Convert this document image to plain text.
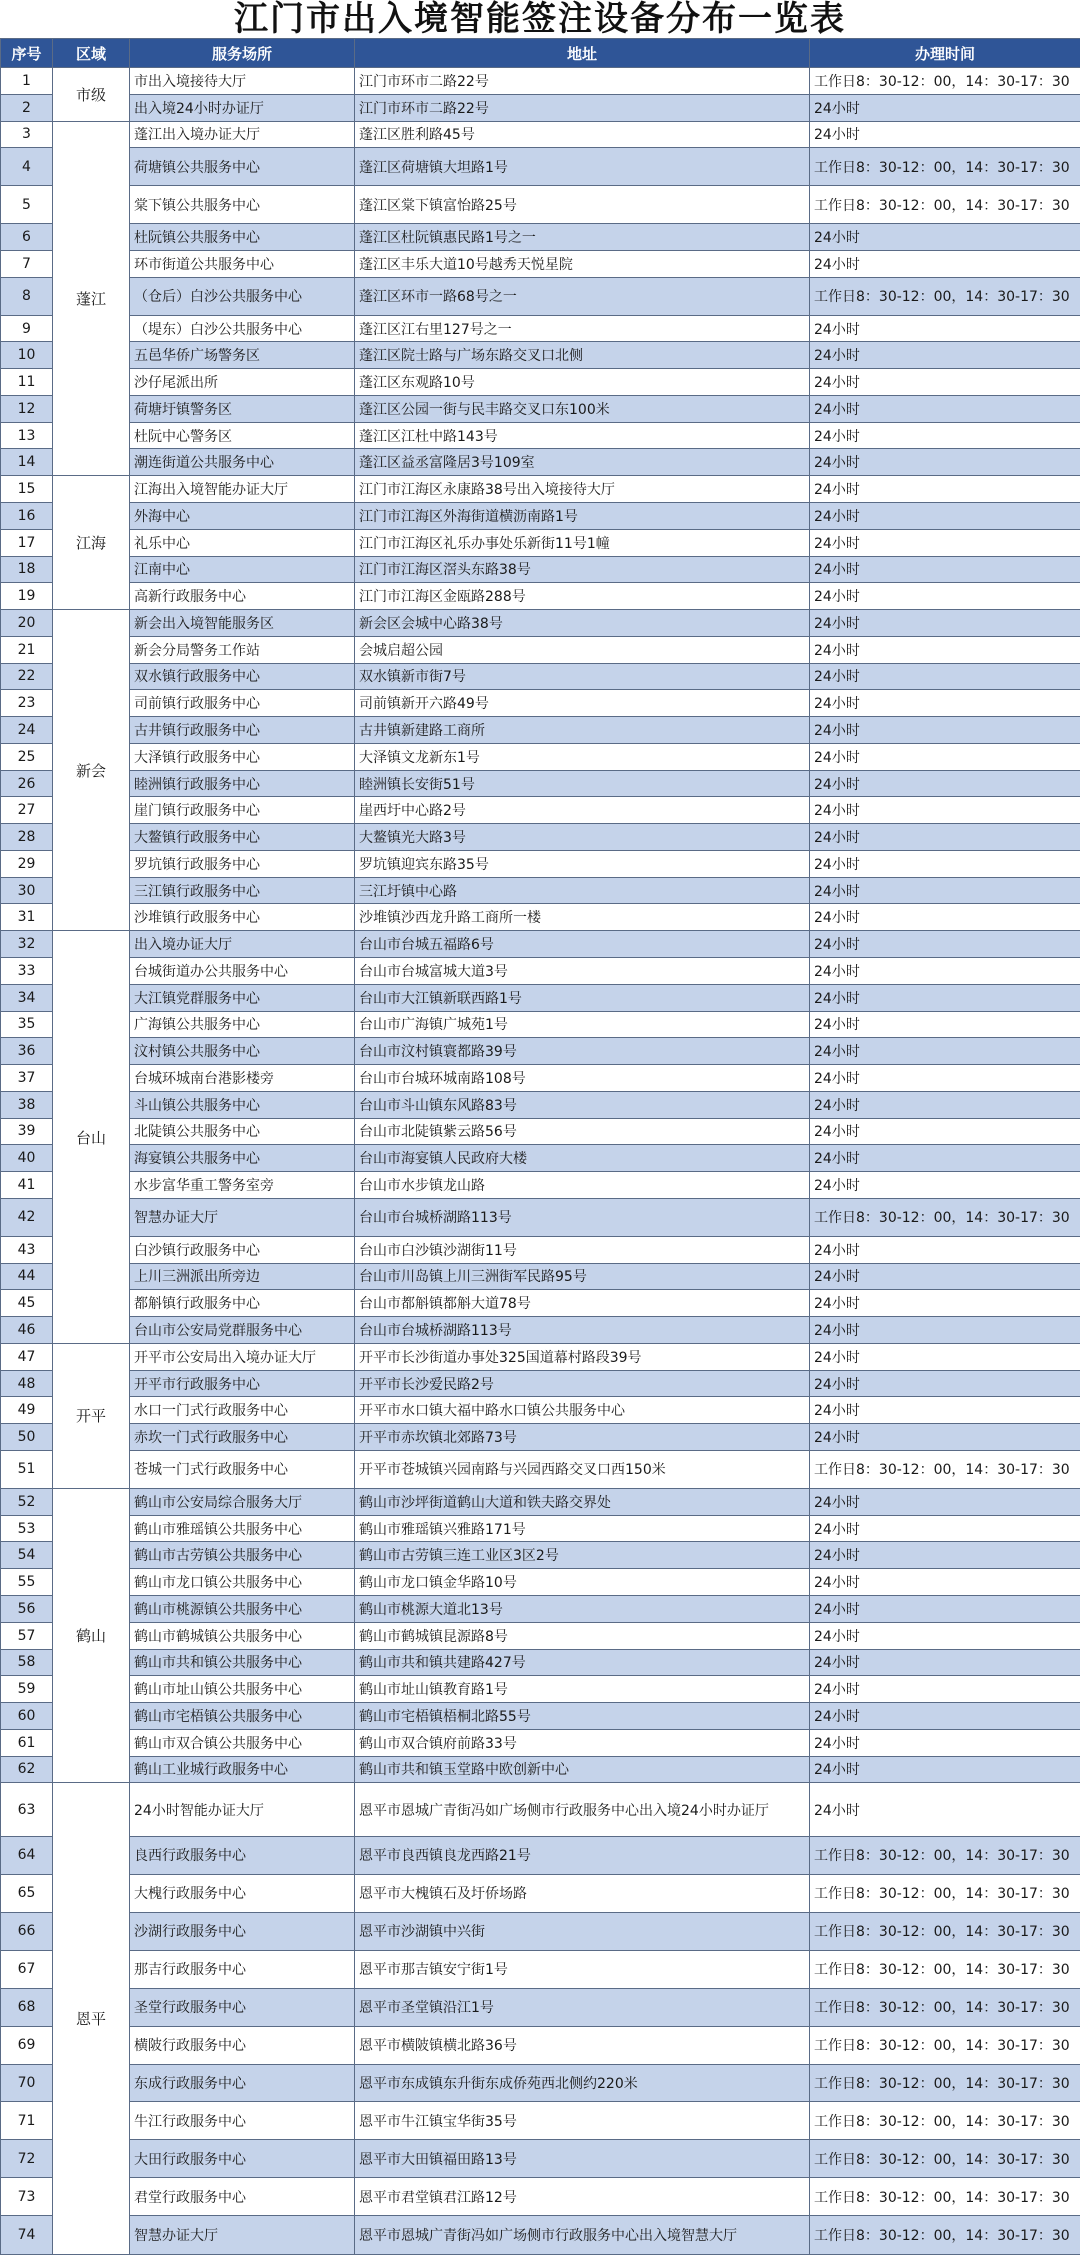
江门市出入境智能签注设备分布一览表
序号	区域	服务场所	地址	办理时间
1	市级	市出入境接待大厅	江门市环市二路22号	工作日8：30-12：00，14：30-17：30
2		出入境24小时办证厅	江门市环市二路22号	24小时
3	蓬江	蓬江出入境办证大厅	蓬江区胜利路45号	24小时
4		荷塘镇公共服务中心	蓬江区荷塘镇大坦路1号	工作日8：30-12：00，14：30-17：30
5		棠下镇公共服务中心	蓬江区棠下镇富怡路25号	工作日8：30-12：00，14：30-17：30
6		杜阮镇公共服务中心	蓬江区杜阮镇惠民路1号之一	24小时
7		环市街道公共服务中心	蓬江区丰乐大道10号越秀天悦星院	24小时
8		（仓后）白沙公共服务中心	蓬江区环市一路68号之一	工作日8：30-12：00，14：30-17：30
9		（堤东）白沙公共服务中心	蓬江区江右里127号之一	24小时
10		五邑华侨广场警务区	蓬江区院士路与广场东路交叉口北侧	24小时
11		沙仔尾派出所	蓬江区东观路10号	24小时
12		荷塘圩镇警务区	蓬江区公园一街与民丰路交叉口东100米	24小时
13		杜阮中心警务区	蓬江区江杜中路143号	24小时
14		潮连街道公共服务中心	蓬江区益丞富隆居3号109室	24小时
15	江海	江海出入境智能办证大厅	江门市江海区永康路38号出入境接待大厅	24小时
16		外海中心	江门市江海区外海街道横沥南路1号	24小时
17		礼乐中心	江门市江海区礼乐办事处乐新街11号1幢	24小时
18		江南中心	江门市江海区滘头东路38号	24小时
19		高新行政服务中心	江门市江海区金瓯路288号	24小时
20	新会	新会出入境智能服务区	新会区会城中心路38号	24小时
21		新会分局警务工作站	会城启超公园	24小时
22		双水镇行政服务中心	双水镇新市街7号	24小时
23		司前镇行政服务中心	司前镇新开六路49号	24小时
24		古井镇行政服务中心	古井镇新建路工商所	24小时
25		大泽镇行政服务中心	大泽镇文龙新东1号	24小时
26		睦洲镇行政服务中心	睦洲镇长安街51号	24小时
27		崖门镇行政服务中心	崖西圩中心路2号	24小时
28		大鳌镇行政服务中心	大鳌镇光大路3号	24小时
29		罗坑镇行政服务中心	罗坑镇迎宾东路35号	24小时
30		三江镇行政服务中心	三江圩镇中心路	24小时
31		沙堆镇行政服务中心	沙堆镇沙西龙升路工商所一楼	24小时
32	台山	出入境办证大厅	台山市台城五福路6号	24小时
33		台城街道办公共服务中心	台山市台城富城大道3号	24小时
34		大江镇党群服务中心	台山市大江镇新联西路1号	24小时
35		广海镇公共服务中心	台山市广海镇广城苑1号	24小时
36		汶村镇公共服务中心	台山市汶村镇寰都路39号	24小时
37		台城环城南台港影楼旁	台山市台城环城南路108号	24小时
38		斗山镇公共服务中心	台山市斗山镇东风路83号	24小时
39		北陡镇公共服务中心	台山市北陡镇紫云路56号	24小时
40		海宴镇公共服务中心	台山市海宴镇人民政府大楼	24小时
41		水步富华重工警务室旁	台山市水步镇龙山路	24小时
42		智慧办证大厅	台山市台城桥湖路113号	工作日8：30-12：00，14：30-17：30
43		白沙镇行政服务中心	台山市白沙镇沙湖街11号	24小时
44		上川三洲派出所旁边	台山市川岛镇上川三洲街军民路95号	24小时
45		都斛镇行政服务中心	台山市都斛镇都斛大道78号	24小时
46		台山市公安局党群服务中心	台山市台城桥湖路113号	24小时
47	开平	开平市公安局出入境办证大厅	开平市长沙街道办事处325国道幕村路段39号	24小时
48		开平市行政服务中心	开平市长沙爱民路2号	24小时
49		水口一门式行政服务中心	开平市水口镇大福中路水口镇公共服务中心	24小时
50		赤坎一门式行政服务中心	开平市赤坎镇北郊路73号	24小时
51		苍城一门式行政服务中心	开平市苍城镇兴园南路与兴园西路交叉口西150米	工作日8：30-12：00，14：30-17：30
52	鹤山	鹤山市公安局综合服务大厅	鹤山市沙坪街道鹤山大道和铁夫路交界处	24小时
53		鹤山市雅瑶镇公共服务中心	鹤山市雅瑶镇兴雅路171号	24小时
54		鹤山市古劳镇公共服务中心	鹤山市古劳镇三连工业区3区2号	24小时
55		鹤山市龙口镇公共服务中心	鹤山市龙口镇金华路10号	24小时
56		鹤山市桃源镇公共服务中心	鹤山市桃源大道北13号	24小时
57		鹤山市鹤城镇公共服务中心	鹤山市鹤城镇昆源路8号	24小时
58		鹤山市共和镇公共服务中心	鹤山市共和镇共建路427号	24小时
59		鹤山市址山镇公共服务中心	鹤山市址山镇教育路1号	24小时
60		鹤山市宅梧镇公共服务中心	鹤山市宅梧镇梧桐北路55号	24小时
61		鹤山市双合镇公共服务中心	鹤山市双合镇府前路33号	24小时
62		鹤山工业城行政服务中心	鹤山市共和镇玉堂路中欧创新中心	24小时
63	恩平	24小时智能办证大厅	恩平市恩城广青街冯如广场侧市行政服务中心出入境24小时办证厅	24小时
64		良西行政服务中心	恩平市良西镇良龙西路21号	工作日8：30-12：00，14：30-17：30
65		大槐行政服务中心	恩平市大槐镇石及圩侨场路	工作日8：30-12：00，14：30-17：30
66		沙湖行政服务中心	恩平市沙湖镇中兴街	工作日8：30-12：00，14：30-17：30
67		那吉行政服务中心	恩平市那吉镇安宁街1号	工作日8：30-12：00，14：30-17：30
68		圣堂行政服务中心	恩平市圣堂镇沿江1号	工作日8：30-12：00，14：30-17：30
69		横陂行政服务中心	恩平市横陂镇横北路36号	工作日8：30-12：00，14：30-17：30
70		东成行政服务中心	恩平市东成镇东升街东成侨苑西北侧约220米	工作日8：30-12：00，14：30-17：30
71		牛江行政服务中心	恩平市牛江镇宝华街35号	工作日8：30-12：00，14：30-17：30
72		大田行政服务中心	恩平市大田镇福田路13号	工作日8：30-12：00，14：30-17：30
73		君堂行政服务中心	恩平市君堂镇君江路12号	工作日8：30-12：00，14：30-17：30
74		智慧办证大厅	恩平市恩城广青街冯如广场侧市行政服务中心出入境智慧大厅	工作日8：30-12：00，14：30-17：30
